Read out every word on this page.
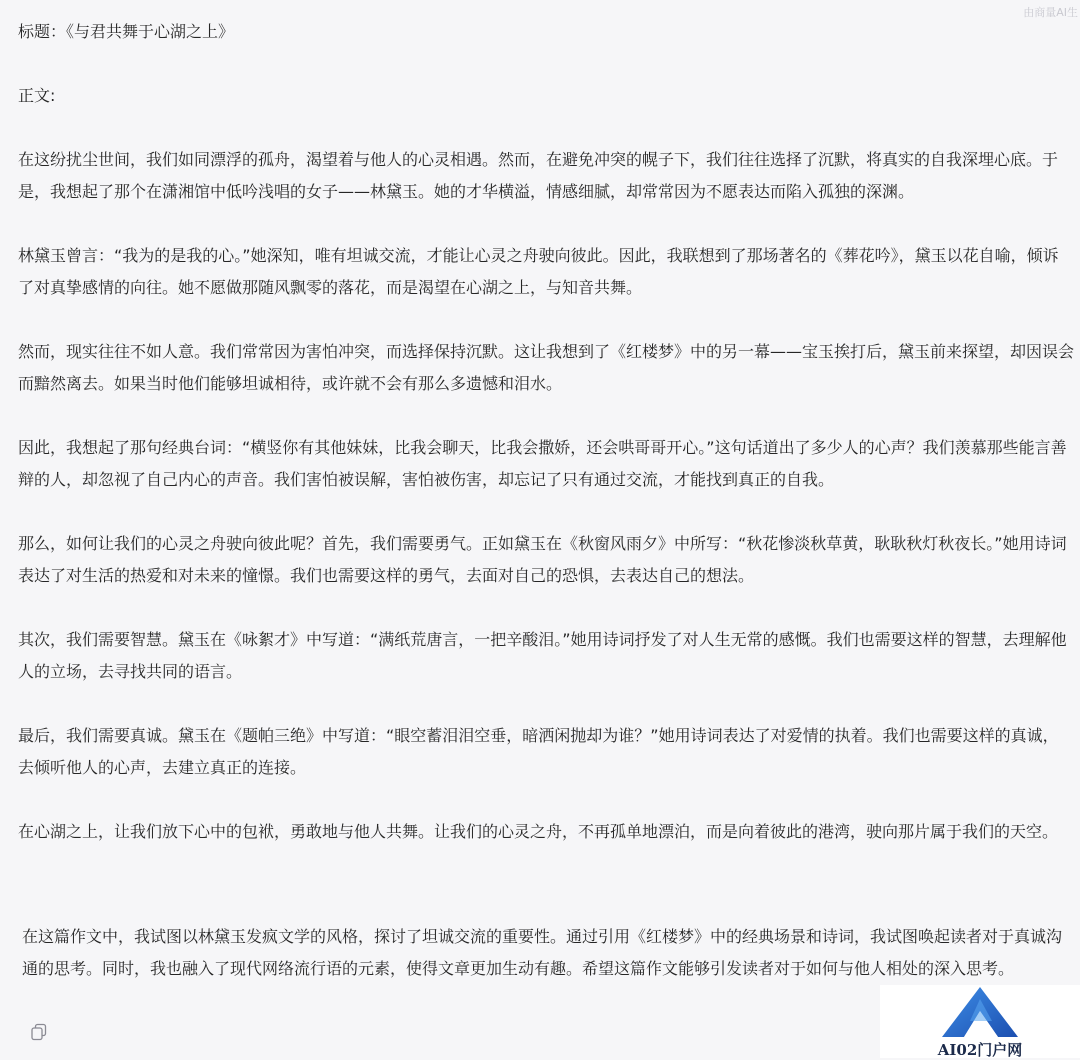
由商量AI生

标题：《与君共舞于心湖之上》

正文:

在这纷扰尘世间，我们如同漂浮的孤舟，渴望着与他人的心灵相遇。然而，在避免冲突的幌子下，我们往往选择了沉默，将真实的自我深埋心底。于是，我想起了那个在潇湘馆中低吟浅唱的女子——林黛玉。她的才华横溢，情感细腻，却常常因为不愿表达而陷入孤独的深渊。

林黛玉曾言：“我为的是我的心。”她深知，唯有坦诚交流，才能让心灵之舟驶向彼此。因此，我联想到了那场著名的《葬花吟》，黛玉以花自喻，倾诉了对真挚感情的向往。她不愿做那随风飘零的落花，而是渴望在心湖之上，与知音共舞。

然而，现实往往不如人意。我们常常因为害怕冲突，而选择保持沉默。这让我想到了《红楼梦》中的另一幕——宝玉挨打后，黛玉前来探望，却因误会而黯然离去。如果当时他们能够坦诚相待，或许就不会有那么多遗憾和泪水。

因此，我想起了那句经典台词：“横竖你有其他妹妹，比我会聊天，比我会撒娇，还会哄哥哥开心。”这句话道出了多少人的心声？我们羡慕那些能言善辩的人，却忽视了自己内心的声音。我们害怕被误解，害怕被伤害，却忘记了只有通过交流，才能找到真正的自我。

那么，如何让我们的心灵之舟驶向彼此呢？首先，我们需要勇气。正如黛玉在《秋窗风雨夕》中所写：“秋花惨淡秋草黄，耿耿秋灯秋夜长。”她用诗词表达了对生活的热爱和对未来的憧憬。我们也需要这样的勇气，去面对自己的恐惧，去表达自己的想法。

其次，我们需要智慧。黛玉在《咏絮才》中写道：“满纸荒唐言，一把辛酸泪。”她用诗词抒发了对人生无常的感慨。我们也需要这样的智慧，去理解他人的立场，去寻找共同的语言。

最后，我们需要真诚。黛玉在《题帕三绝》中写道：“眼空蓄泪泪空垂，暗洒闲抛却为谁？”她用诗词表达了对爱情的执着。我们也需要这样的真诚，去倾听他人的心声，去建立真正的连接。

在心湖之上，让我们放下心中的包袱，勇敢地与他人共舞。让我们的心灵之舟，不再孤单地漂泊，而是向着彼此的港湾，驶向那片属于我们的天空。

在这篇作文中，我试图以林黛玉发疯文学的风格，探讨了坦诚交流的重要性。通过引用《红楼梦》中的经典场景和诗词，我试图唤起读者对于真诚沟通的思考。同时，我也融入了现代网络流行语的元素，使得文章更加生动有趣。希望这篇作文能够引发读者对于如何与他人相处的深入思考。

AI02门户网
